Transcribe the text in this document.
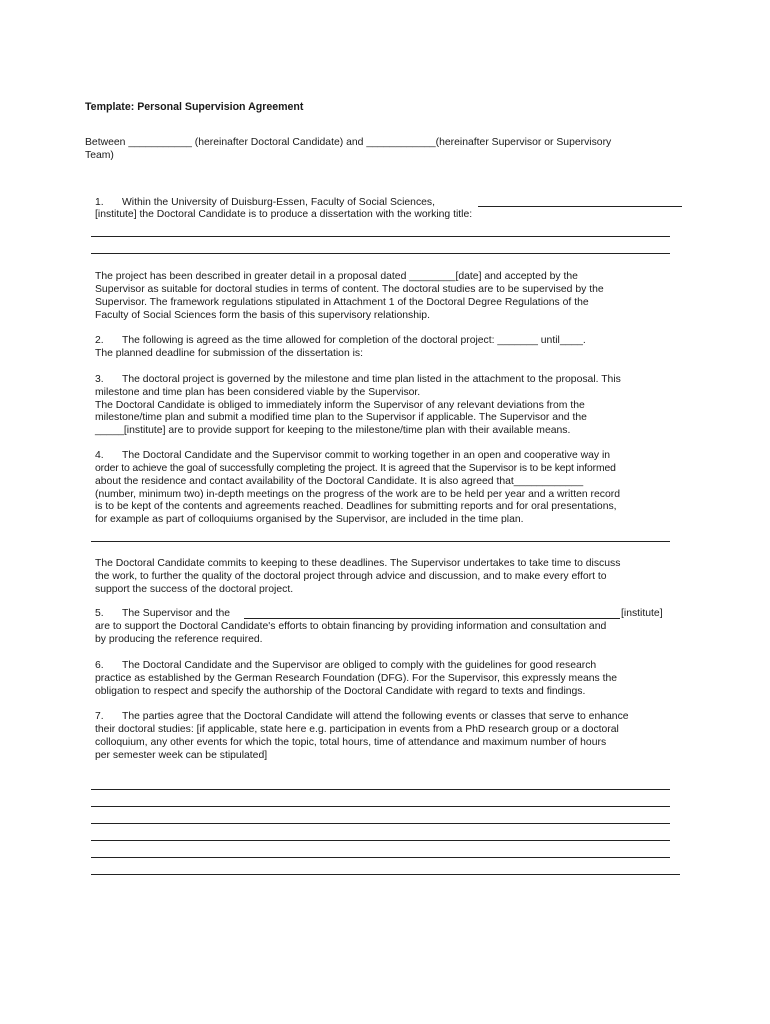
Template: Personal Supervision Agreement
Between ___________ (hereinafter Doctoral Candidate) and ____________(hereinafter Supervisor or Supervisory
Team)
1. Within the University of Duisburg-Essen, Faculty of Social Sciences,
[institute] the Doctoral Candidate is to produce a dissertation with the working title:
The project has been described in greater detail in a proposal dated ________[date] and accepted by the
Supervisor as suitable for doctoral studies in terms of content. The doctoral studies are to be supervised by the
Supervisor. The framework regulations stipulated in Attachment 1 of the Doctoral Degree Regulations of the
Faculty of Social Sciences form the basis of this supervisory relationship.
2. The following is agreed as the time allowed for completion of the doctoral project: _______ until____.
The planned deadline for submission of the dissertation is:
3. The doctoral project is governed by the milestone and time plan listed in the attachment to the proposal. This
milestone and time plan has been considered viable by the Supervisor.
The Doctoral Candidate is obliged to immediately inform the Supervisor of any relevant deviations from the
milestone/time plan and submit a modified time plan to the Supervisor if applicable. The Supervisor and the
_____[institute] are to provide support for keeping to the milestone/time plan with their available means.
4. The Doctoral Candidate and the Supervisor commit to working together in an open and cooperative way in
order to achieve the goal of successfully completing the project. It is agreed that the Supervisor is to be kept informed
about the residence and contact availability of the Doctoral Candidate. It is also agreed that____________
(number, minimum two) in-depth meetings on the progress of the work are to be held per year and a written record
is to be kept of the contents and agreements reached. Deadlines for submitting reports and for oral presentations,
for example as part of colloquiums organised by the Supervisor, are included in the time plan.
The Doctoral Candidate commits to keeping to these deadlines. The Supervisor undertakes to take time to discuss
the work, to further the quality of the doctoral project through advice and discussion, and to make every effort to
support the success of the doctoral project.
5. The Supervisor and the	[institute]
are to support the Doctoral Candidate's efforts to obtain financing by providing information and consultation and
by producing the reference required.
6. The Doctoral Candidate and the Supervisor are obliged to comply with the guidelines for good research
practice as established by the German Research Foundation (DFG). For the Supervisor, this expressly means the
obligation to respect and specify the authorship of the Doctoral Candidate with regard to texts and findings.
7. The parties agree that the Doctoral Candidate will attend the following events or classes that serve to enhance
their doctoral studies: [if applicable, state here e.g. participation in events from a PhD research group or a doctoral
colloquium, any other events for which the topic, total hours, time of attendance and maximum number of hours
per semester week can be stipulated]
